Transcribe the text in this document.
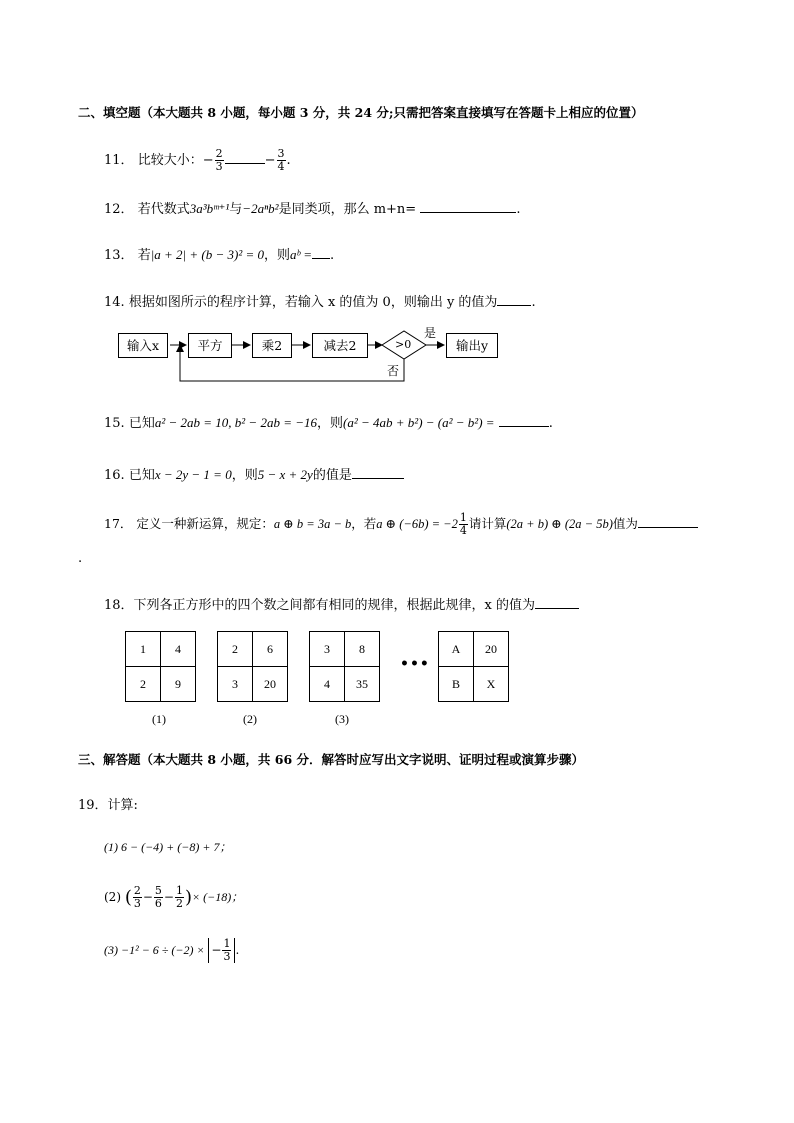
二、填空题（本大题共 8 小题，每小题 3 分，共 24 分;只需把答案直接填写在答题卡上相应的位置）
11． 比较大小：− $\frac{2}{3}$	− $\frac{3}{4}$ .
12． 若代数式3a³bᵐ⁺¹与−2aⁿb²是同类项，那么 m+n=	.
13． 若|a + 2| + (b − 3)² = 0，则aᵇ = .
14. 根据如图所示的程序计算，若输入 x 的值为 0，则输出 y 的值为	.
输入x	平方	乘2	减去2	>0	输出y
是
否
15. 已知a² − 2ab = 10, b² − 2ab = −16，则(a² − 4ab + b²) − (a² − b²) =	.
16. 已知x − 2y − 1 = 0，则5 − x + 2y的值是
17． 定义一种新运算，规定：a ⊕ b = 3a − b，若a ⊕ $(-6b) = -2 \frac{1}{4}$ 请计算(2a + b) ⊕ (2a − 5b)值为
.
18．下列各正方形中的四个数之间都有相同的规律，根据此规律，x 的值为
1	4
2	9
(1)
2	6
3	20
(2)
3	8
4	35
(3)
•••
A	20
B	X
三、解答题（本大题共 8 小题，共 66 分．解答时应写出文字说明、证明过程或演算步骤）
19．计算:
(1) 6 − (−4) + (−8) + 7；
(2) ( $\frac{2}{3} - \frac{5}{6} - \frac{1}{2}$ )× (−18)；
(3) −1² − 6 ÷ (−2) × − $\frac{1}{3}$ .
